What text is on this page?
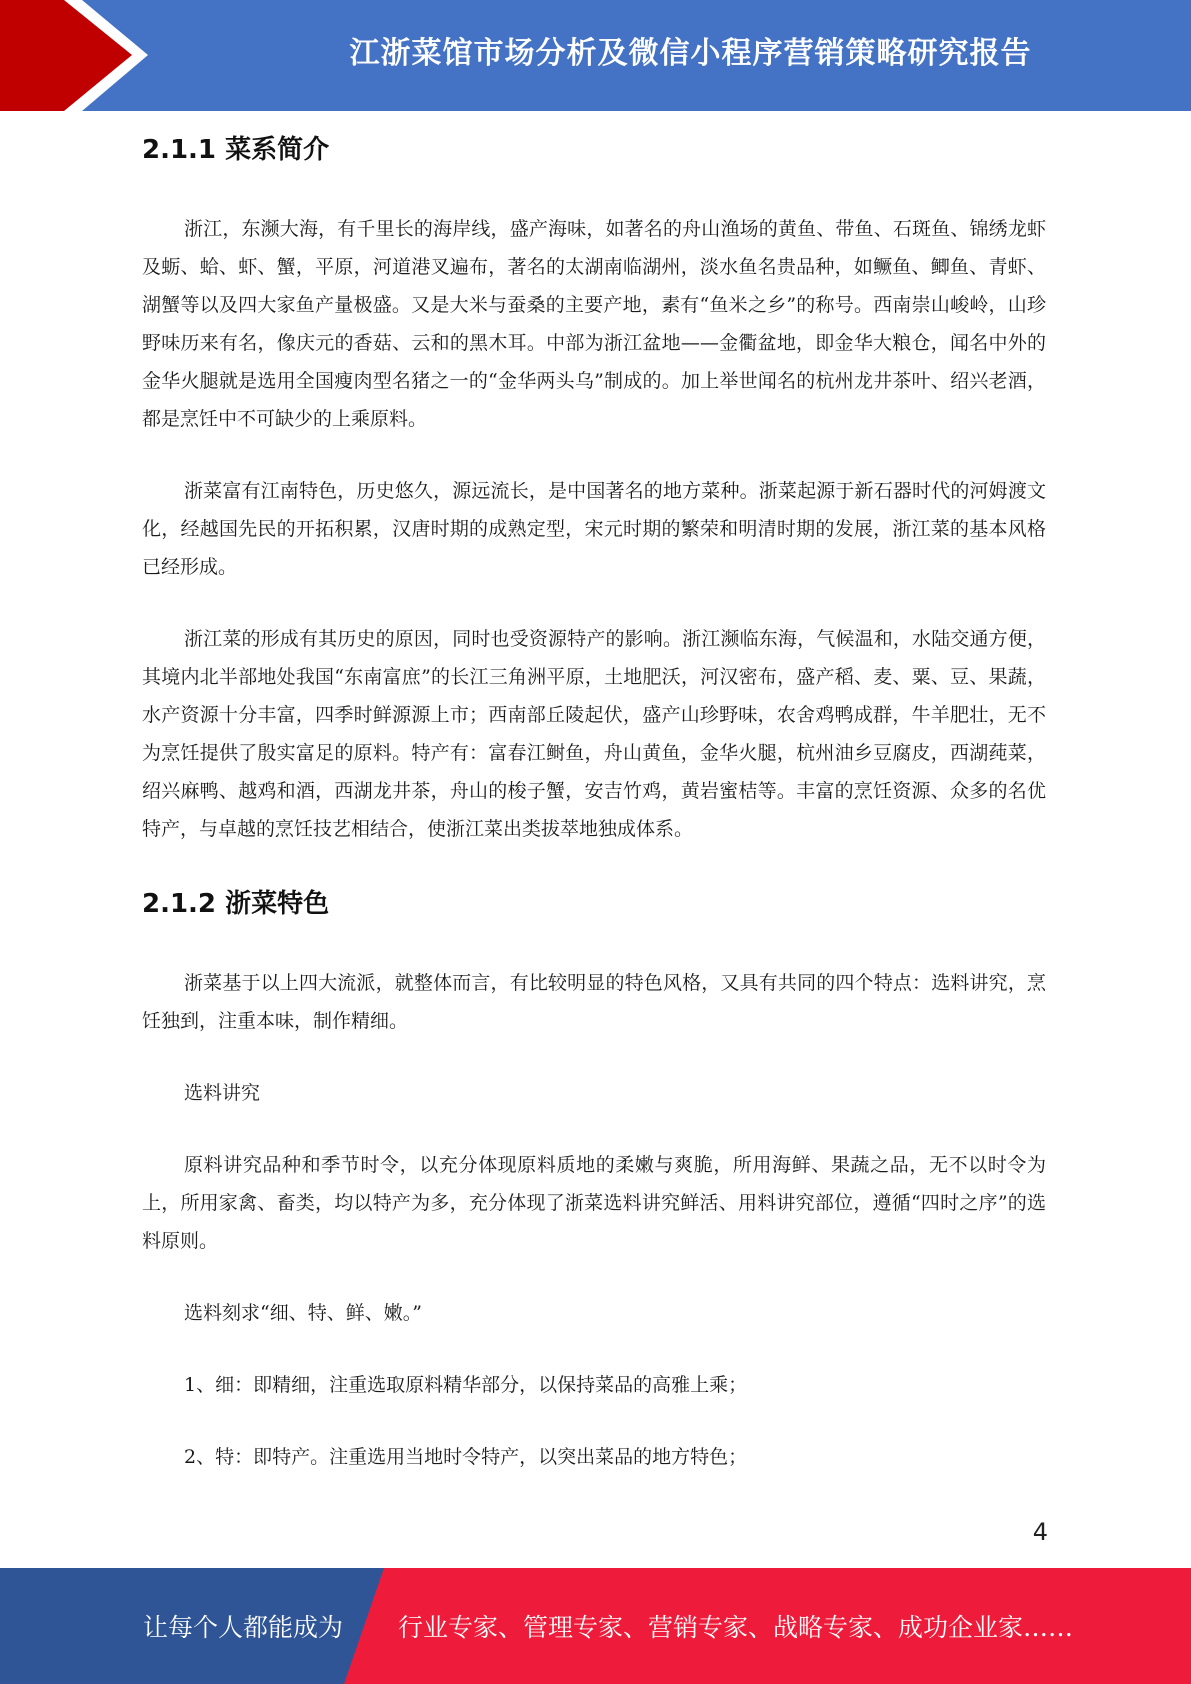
江浙菜馆市场分析及微信小程序营销策略研究报告
2.1.1 菜系简介

浙江，东濒大海，有千里长的海岸线，盛产海味，如著名的舟山渔场的黄鱼、带鱼、石斑鱼、锦绣龙虾及蛎、蛤、虾、蟹，平原，河道港叉遍布，著名的太湖南临湖州，淡水鱼名贵品种，如鳜鱼、鲫鱼、青虾、湖蟹等以及四大家鱼产量极盛。又是大米与蚕桑的主要产地，素有“鱼米之乡”的称号。西南崇山峻岭，山珍野味历来有名，像庆元的香菇、云和的黑木耳。中部为浙江盆地——金衢盆地，即金华大粮仓，闻名中外的金华火腿就是选用全国瘦肉型名猪之一的“金华两头乌”制成的。加上举世闻名的杭州龙井茶叶、绍兴老酒，都是烹饪中不可缺少的上乘原料。

浙菜富有江南特色，历史悠久，源远流长，是中国著名的地方菜种。浙菜起源于新石器时代的河姆渡文化，经越国先民的开拓积累，汉唐时期的成熟定型，宋元时期的繁荣和明清时期的发展，浙江菜的基本风格已经形成。

浙江菜的形成有其历史的原因，同时也受资源特产的影响。浙江濒临东海，气候温和，水陆交通方便，其境内北半部地处我国“东南富庶”的长江三角洲平原，土地肥沃，河汉密布，盛产稻、麦、粟、豆、果蔬，水产资源十分丰富，四季时鲜源源上市；西南部丘陵起伏，盛产山珍野味，农舍鸡鸭成群，牛羊肥壮，无不为烹饪提供了殷实富足的原料。特产有：富春江鲥鱼，舟山黄鱼，金华火腿，杭州油乡豆腐皮，西湖莼菜，绍兴麻鸭、越鸡和酒，西湖龙井茶，舟山的梭子蟹，安吉竹鸡，黄岩蜜桔等。丰富的烹饪资源、众多的名优特产，与卓越的烹饪技艺相结合，使浙江菜出类拔萃地独成体系。

2.1.2 浙菜特色

浙菜基于以上四大流派，就整体而言，有比较明显的特色风格，又具有共同的四个特点：选料讲究，烹饪独到，注重本味，制作精细。

选料讲究

原料讲究品种和季节时令，以充分体现原料质地的柔嫩与爽脆，所用海鲜、果蔬之品，无不以时令为上，所用家禽、畜类，均以特产为多，充分体现了浙菜选料讲究鲜活、用料讲究部位，遵循“四时之序”的选料原则。

选料刻求“细、特、鲜、嫩。”

1、细：即精细，注重选取原料精华部分，以保持菜品的高雅上乘；

2、特：即特产。注重选用当地时令特产，以突出菜品的地方特色；

4
让每个人都能成为 行业专家、管理专家、营销专家、战略专家、成功企业家……
